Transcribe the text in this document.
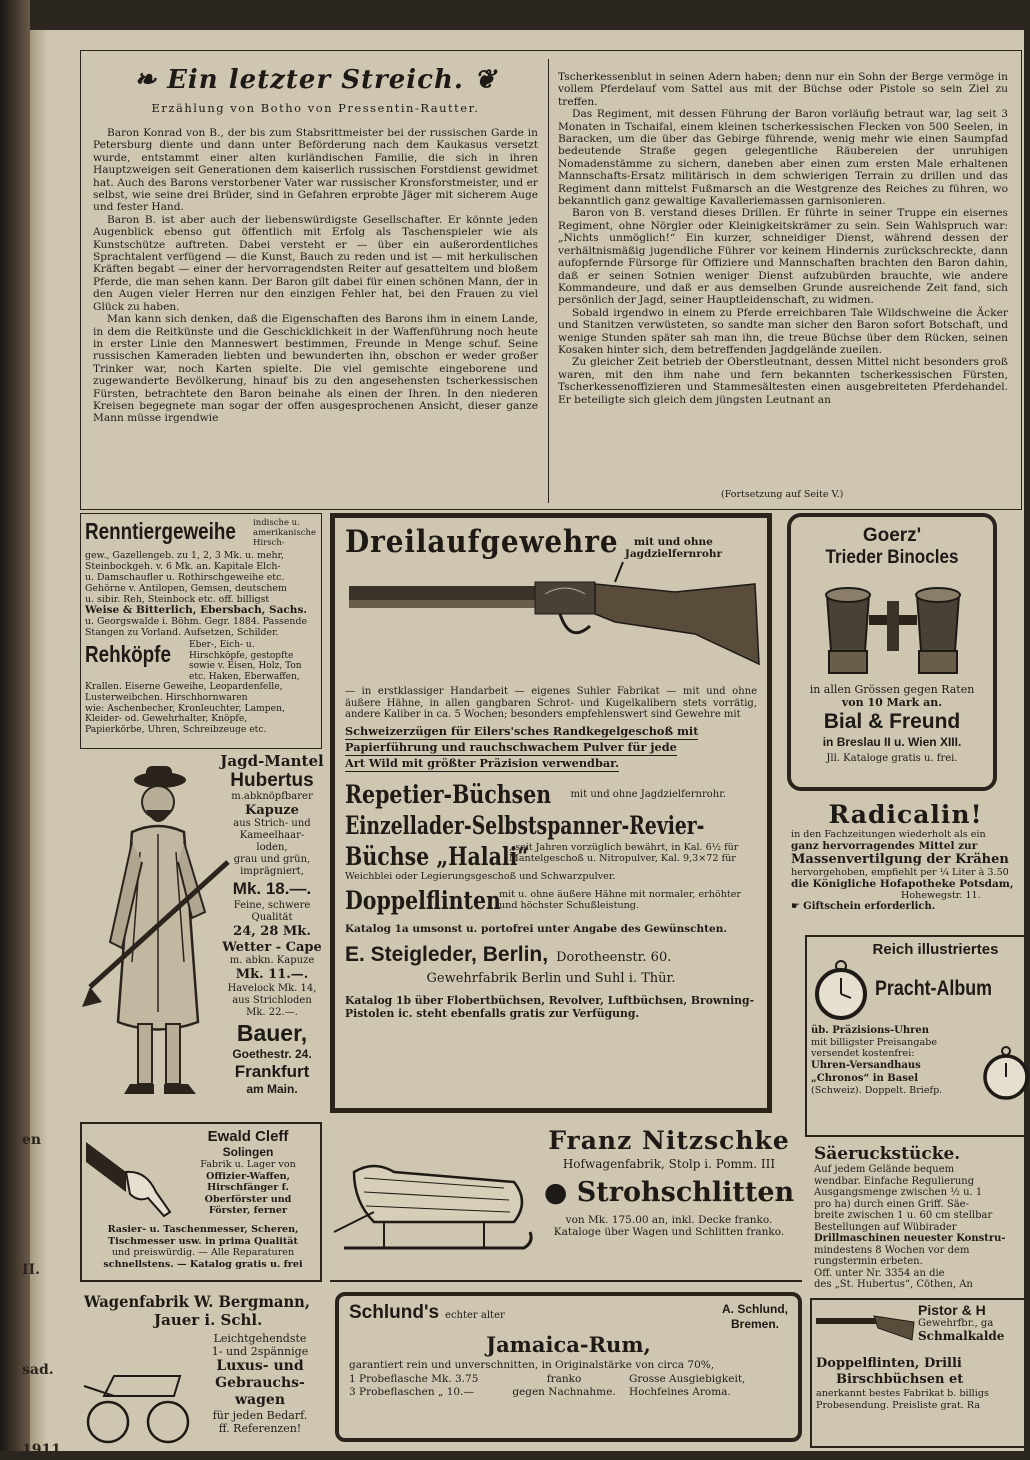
en
II.
sad.
1911.
❧ Ein letzter Streich. ❦
Erzählung von Botho von Pressentin-Rautter.

Baron Konrad von B., der bis zum Stabsrittmeister bei der russischen Garde in Petersburg diente und dann unter Beförderung nach dem Kaukasus versetzt wurde, entstammt einer alten kurländischen Familie, die sich in ihren Hauptzweigen seit Generationen dem kaiserlich russischen Forstdienst gewidmet hat. Auch des Barons verstorbener Vater war russischer Kronsforstmeister, und er selbst, wie seine drei Brüder, sind in Gefahren erprobte Jäger mit sicherem Auge und fester Hand.

Baron B. ist aber auch der liebenswürdigste Gesellschafter. Er könnte jeden Augenblick ebenso gut öffentlich mit Erfolg als Taschenspieler wie als Kunstschütze auftreten. Dabei versteht er — über ein außerordentliches Sprachtalent verfügend — die Kunst, Bauch zu reden und ist — mit herkulischen Kräften begabt — einer der hervorragendsten Reiter auf gesatteltem und bloßem Pferde, die man sehen kann. Der Baron gilt dabei für einen schönen Mann, der in den Augen vieler Herren nur den einzigen Fehler hat, bei den Frauen zu viel Glück zu haben.

Man kann sich denken, daß die Eigenschaften des Barons ihm in einem Lande, in dem die Reitkünste und die Geschicklichkeit in der Waffenführung noch heute in erster Linie den Manneswert bestimmen, Freunde in Menge schuf. Seine russischen Kameraden liebten und bewunderten ihn, obschon er weder großer Trinker war, noch Karten spielte. Die viel gemischte eingeborene und zugewanderte Bevölkerung, hinauf bis zu den angesehensten tscherkessischen Fürsten, betrachtete den Baron beinahe als einen der Ihren. In den niederen Kreisen begegnete man sogar der offen ausgesprochenen Ansicht, dieser ganze Mann müsse irgendwie

Tscherkessenblut in seinen Adern haben; denn nur ein Sohn der Berge vermöge in vollem Pferdelauf vom Sattel aus mit der Büchse oder Pistole so sein Ziel zu treffen.

Das Regiment, mit dessen Führung der Baron vorläufig betraut war, lag seit 3 Monaten in Tschaifal, einem kleinen tscherkessischen Flecken von 500 Seelen, in Baracken, um die über das Gebirge führende, wenig mehr wie einen Saumpfad bedeutende Straße gegen gelegentliche Räubereien der unruhigen Nomadenstämme zu sichern, daneben aber einen zum ersten Male erhaltenen Mannschafts-Ersatz militärisch in dem schwierigen Terrain zu drillen und das Regiment dann mittelst Fußmarsch an die Westgrenze des Reiches zu führen, wo bekanntlich ganz gewaltige Kavalleriemassen garnisonieren.

Baron von B. verstand dieses Drillen. Er führte in seiner Truppe ein eisernes Regiment, ohne Nörgler oder Kleinigkeitskrämer zu sein. Sein Wahlspruch war: „Nichts unmöglich!“ Ein kurzer, schneidiger Dienst, während dessen der verhältnismäßig jugendliche Führer vor keinem Hindernis zurückschreckte, dann aufopfernde Fürsorge für Offiziere und Mannschaften brachten den Baron dahin, daß er seinen Sotnien weniger Dienst aufzubürden brauchte, wie andere Kommandeure, und daß er aus demselben Grunde ausreichende Zeit fand, sich persönlich der Jagd, seiner Hauptleidenschaft, zu widmen.

Sobald irgendwo in einem zu Pferde erreichbaren Tale Wildschweine die Äcker und Stanitzen verwüsteten, so sandte man sicher den Baron sofort Botschaft, und wenige Stunden später sah man ihn, die treue Büchse über dem Rücken, seinen Kosaken hinter sich, dem betreffenden Jagdgelände zueilen.

Zu gleicher Zeit betrieb der Oberstleutnant, dessen Mittel nicht besonders groß waren, mit den ihm nahe und fern bekannten tscherkessischen Fürsten, Tscherkessenoffizieren und Stammesältesten einen ausgebreiteten Pferdehandel. Er beteiligte sich gleich dem jüngsten Leutnant an

(Fortsetzung auf Seite V.)
Renntiergeweihe	indische u. amerikanische Hirsch-
gew., Gazellengeb. zu 1, 2, 3 Mk. u. mehr,
Steinbockgeh. v. 6 Mk. an. Kapitale Elch-
u. Damschaufler u. Rothirschgeweihe etc.
Gehörne v. Antilopen, Gemsen, deutschem
u. sibir. Reh, Steinbock etc. off. billigst
Weise & Bitterlich, Ebersbach, Sachs.
u. Georgswalde i. Böhm. Gegr. 1884. Passende
Stangen zu Vorland. Aufsetzen, Schilder.
Rehköpfe	Eber-, Eich- u. Hirschköpfe, gestopfte sowie v. Eisen, Holz, Ton etc. Haken, Eberwaffen,
Krallen. Eiserne Geweihe, Leopardenfelle, Lusterweibchen. Hirschhornwaren
wie: Aschenbecher, Kronleuchter, Lampen, Kleider- od. Gewehrhalter, Knöpfe,
Papierkörbe, Uhren, Schreibzeuge etc.
Jagd-Mantel
Hubertus
m.abknöpfbarer
Kapuze
aus Strich- und
Kameelhaar-
loden,
grau und grün,
imprägniert,
Mk. 18.—.
Feine, schwere
Qualität
24, 28 Mk.
Wetter - Cape
m. abkn. Kapuze
Mk. 11.—.
Havelock Mk. 14,
aus Strichloden
Mk. 22.—.
Bauer,
Goethestr. 24.
Frankfurt
am Main.
Dreilaufgewehre	mit und ohne
Jagdzielfernrohr
— in erstklassiger Handarbeit — eigenes Suhler Fabrikat — mit und ohne äußere Hähne, in allen gangbaren Schrot- und Kugelkalibern stets vorrätig, andere Kaliber in ca. 5 Wochen; besonders empfehlenswert sind Gewehre mit
Schweizerzügen für Eilers'sches Randkegelgeschoß mit Papierführung und rauchschwachem Pulver für jede Art Wild mit größter Präzision verwendbar.
Repetier-Büchsen mit und ohne Jagdzielfernrohr.
Einzellader-Selbstspanner-Revier-
Büchse „Halali“
, seit Jahren vorzüglich bewährt, in Kal. 6½ für Mantelgeschoß u. Nitropulver, Kal. 9,3×72 für
Weichblei oder Legierungsgeschoß und Schwarzpulver.
Doppelflinten
mit u. ohne äußere Hähne mit normaler, erhöhter und höchster Schußleistung.
Katalog 1a umsonst u. portofrei unter Angabe des Gewünschten.
E. Steigleder, Berlin, Dorotheenstr. 60.
Gewehrfabrik Berlin und Suhl i. Thür.
Katalog 1b über Flobertbüchsen, Revolver, Luftbüchsen, Browning-Pistolen ic. steht ebenfalls gratis zur Verfügung.
Goerz'
Trieder Binocles
in allen Grössen gegen Raten
von 10 Mark an.
Bial & Freund
in Breslau II u. Wien XIII.
Jll. Kataloge gratis u. frei.
Radicalin!
in den Fachzeitungen wiederholt als ein
ganz hervorragendes Mittel zur
Massenvertilgung der Krähen
hervorgehoben, empfiehlt per ¼ Liter à 3.50
die Königliche Hofapotheke Potsdam,
Hohewegstr. 11.
☛ Giftschein erforderlich.
Reich illustriertes
Pracht-Album
üb. Präzisions-Uhren
mit billigster Preisangabe
versendet kostenfrei:
Uhren-Versandhaus
„Chronos“ in Basel
(Schweiz). Doppelt. Briefp.
Ewald Cleff
Solingen
Fabrik u. Lager von
Offizier-Waffen,
Hirschfänger f.
Oberförster und
Förster, ferner
Rasier- u. Taschenmesser, Scheren,
Tischmesser usw. in prima Qualität
und preiswürdig. — Alle Reparaturen
schnellstens. — Katalog gratis u. frei
Franz Nitzschke
Hofwagenfabrik, Stolp i. Pomm. III
● Strohschlitten
von Mk. 175.00 an, inkl. Decke franko.
Kataloge über Wagen und Schlitten franko.
Säeruckstücke.
Auf jedem Gelände bequem
wendbar. Einfache Regulierung
Ausgangsmenge zwischen ½ u. 1
pro ha) durch einen Griff. Säe-
breite zwischen 1 u. 60 cm stellbar
Bestellungen auf Wübirader
Drillmaschinen neuester Konstru-
mindestens 8 Wochen vor dem
rungstermin erbeten.
Off. unter Nr. 3354 an die
des „St. Hubertus“, Cöthen, An
Wagenfabrik W. Bergmann,
Jauer i. Schl.
Leichtgehendste
1- und 2spännige
Luxus- und
Gebrauchs-
wagen
für jeden Bedarf.
ff. Referenzen!
Schlund's echter alter	A. Schlund,
Bremen.
Jamaica-Rum,
garantiert rein und unverschnitten, in Originalstärke von circa 70%,
1 Probeflasche Mk. 3.75	franko	Grosse Ausgiebigkeit,
3 Probeflaschen „ 10.—	gegen Nachnahme.	Hochfeines Aroma.
Pistor & H
Gewehrfbr., ga
Schmalkalde
Doppelflinten, Drilli
Birschbüchsen et
anerkannt bestes Fabrikat b. billigs
Probesendung. Preisliste grat. Ra
